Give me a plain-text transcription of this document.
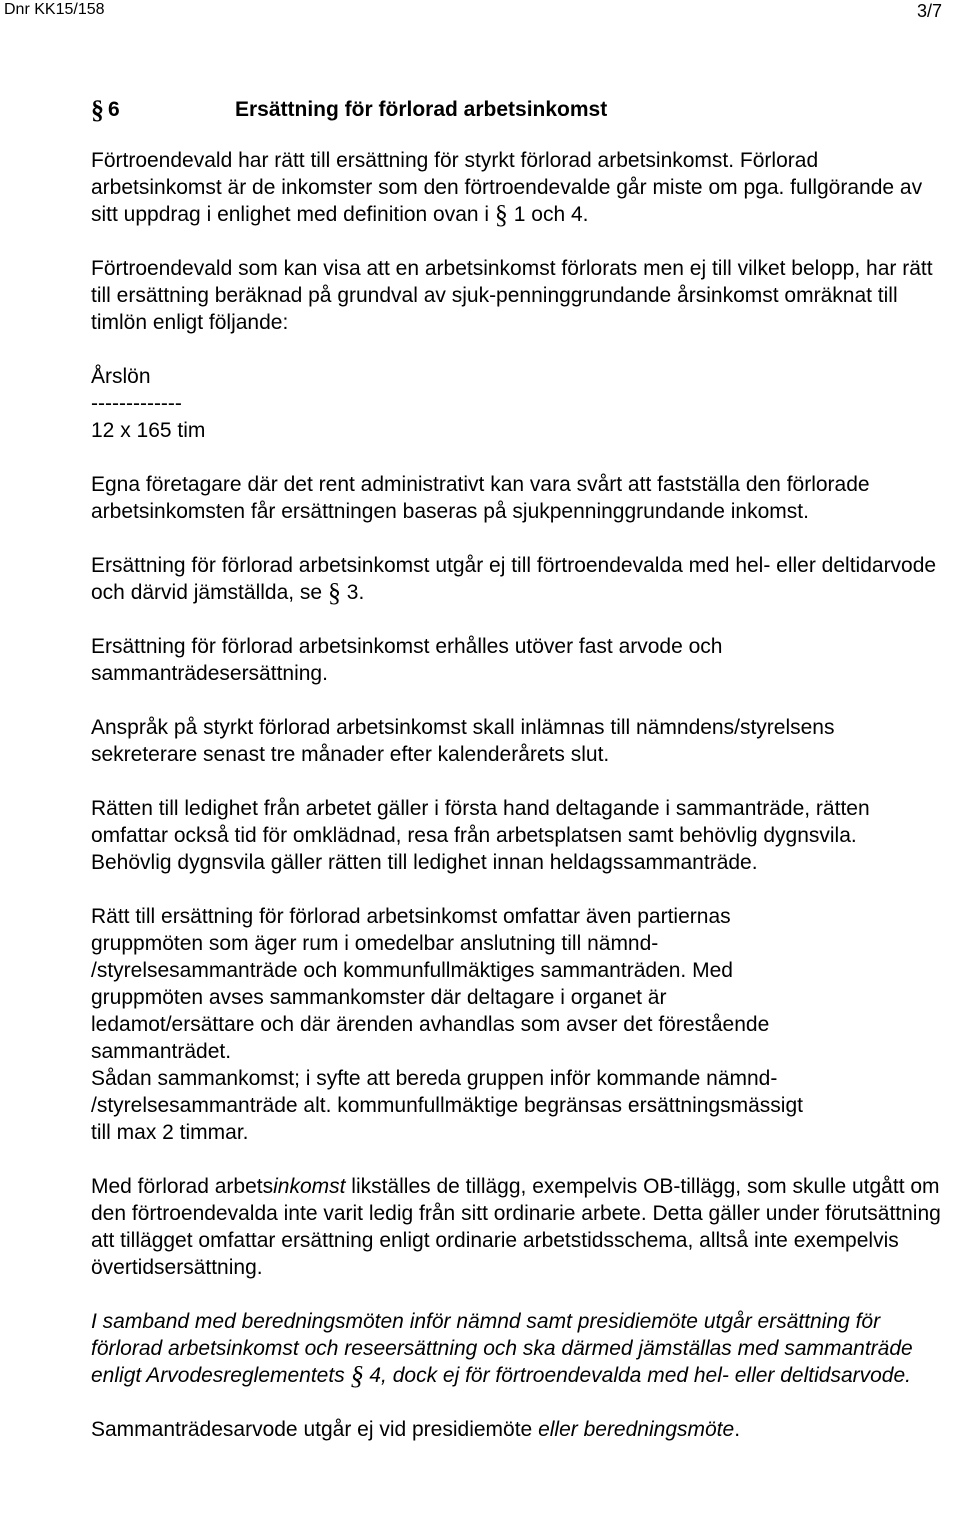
Dnr KK15/158	3/7
§ 6	Ersättning för förlorad arbetsinkomst

Förtroendevald har rätt till ersättning för styrkt förlorad arbetsinkomst. Förlorad arbetsinkomst är de inkomster som den förtroendevalde går miste om pga. fullgörande av sitt uppdrag i enlighet med definition ovan i § 1 och 4.

Förtroendevald som kan visa att en arbetsinkomst förlorats men ej till vilket belopp, har rätt till ersättning beräknad på grundval av sjuk-penninggrundande årsinkomst omräknat till timlön enligt följande:

Årslön

-------------

12 x 165 tim

Egna företagare där det rent administrativt kan vara svårt att fastställa den förlorade arbetsinkomsten får ersättningen baseras på sjukpenninggrundande inkomst.

Ersättning för förlorad arbetsinkomst utgår ej till förtroendevalda med hel- eller deltidarvode och därvid jämställda, se § 3.

Ersättning för förlorad arbetsinkomst erhålles utöver fast arvode och sammanträdesersättning.

Anspråk på styrkt förlorad arbetsinkomst skall inlämnas till nämndens/styrelsens sekreterare senast tre månader efter kalenderårets slut.

Rätten till ledighet från arbetet gäller i första hand deltagande i sammanträde, rätten omfattar också tid för omklädnad, resa från arbetsplatsen samt behövlig dygnsvila. Behövlig dygnsvila gäller rätten till ledighet innan heldagssammanträde.

Rätt till ersättning för förlorad arbetsinkomst omfattar även partiernas
gruppmöten som äger rum i omedelbar anslutning till nämnd-
/styrelsesammanträde och kommunfullmäktiges sammanträden. Med
gruppmöten avses sammankomster där deltagare i organet är
ledamot/ersättare och där ärenden avhandlas som avser det förestående
sammanträdet.
Sådan sammankomst; i syfte att bereda gruppen inför kommande nämnd-
/styrelsesammanträde alt. kommunfullmäktige begränsas ersättningsmässigt
till max 2 timmar.

Med förlorad arbetsinkomst likställes de tillägg, exempelvis OB-tillägg, som skulle utgått om den förtroendevalda inte varit ledig från sitt ordinarie arbete. Detta gäller under förutsättning att tillägget omfattar ersättning enligt ordinarie arbetstidsschema, alltså inte exempelvis övertidsersättning.

I samband med beredningsmöten inför nämnd samt presidiemöte utgår ersättning för förlorad arbetsinkomst och reseersättning och ska därmed jämställas med sammanträde enligt Arvodesreglementets § 4, dock ej för förtroendevalda med hel- eller deltidsarvode.

Sammanträdesarvode utgår ej vid presidiemöte eller beredningsmöte.
